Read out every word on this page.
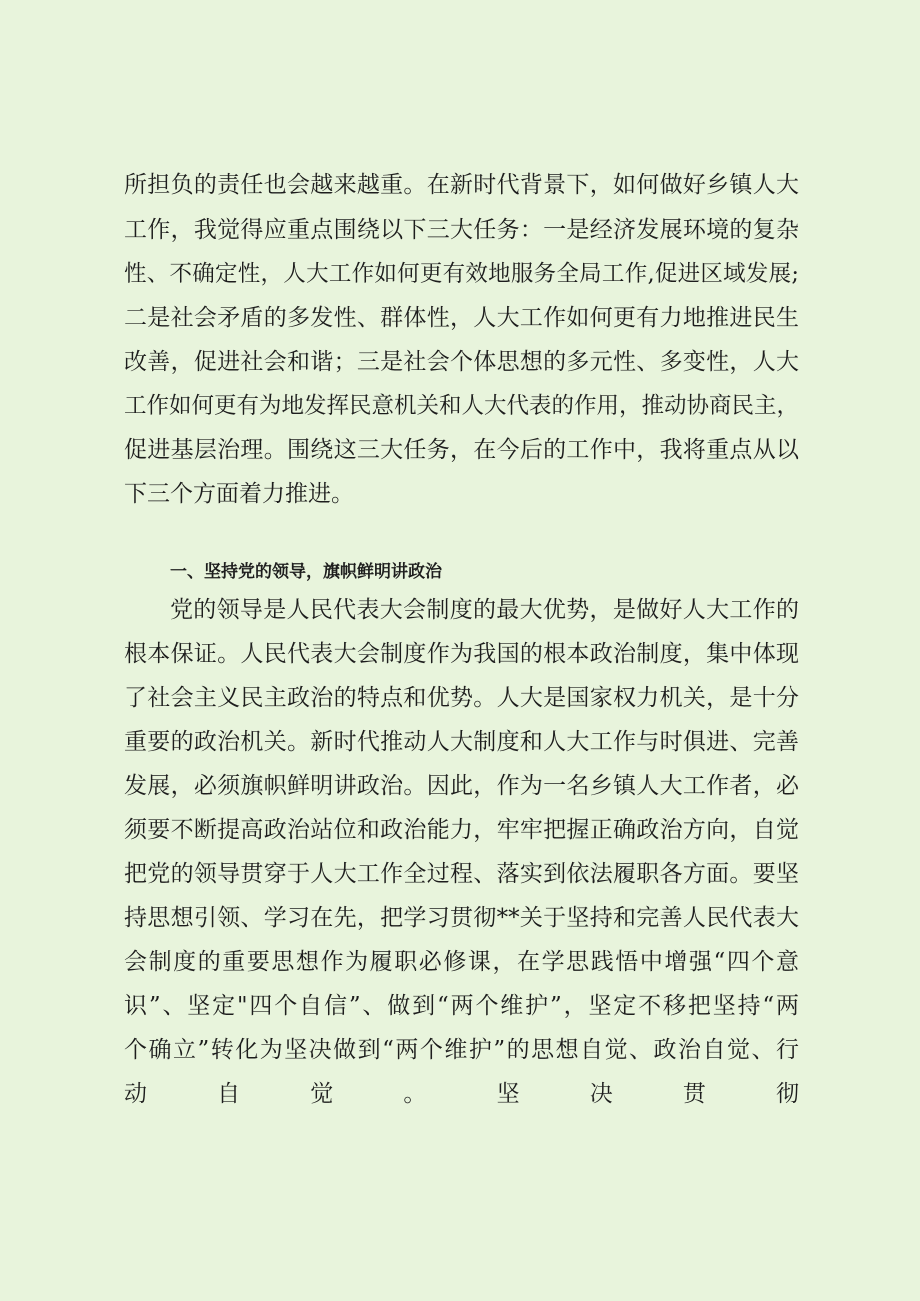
所担负的责任也会越来越重。在新时代背景下，如何做好乡镇人大
工作，我觉得应重点围绕以下三大任务：一是经济发展环境的复杂
性、不确定性，人大工作如何更有效地服务全局工作,促进区域发展;
二是社会矛盾的多发性、群体性，人大工作如何更有力地推进民生
改善，促进社会和谐；三是社会个体思想的多元性、多变性，人大
工作如何更有为地发挥民意机关和人大代表的作用，推动协商民主，
促进基层治理。围绕这三大任务，在今后的工作中，我将重点从以
下三个方面着力推进。
一、坚持党的领导，旗帜鲜明讲政治
党的领导是人民代表大会制度的最大优势，是做好人大工作的
根本保证。人民代表大会制度作为我国的根本政治制度，集中体现
了社会主义民主政治的特点和优势。人大是国家权力机关，是十分
重要的政治机关。新时代推动人大制度和人大工作与时俱进、完善
发展，必须旗帜鲜明讲政治。因此，作为一名乡镇人大工作者，必
须要不断提高政治站位和政治能力，牢牢把握正确政治方向，自觉
把党的领导贯穿于人大工作全过程、落实到依法履职各方面。要坚
持思想引领、学习在先，把学习贯彻**关于坚持和完善人民代表大
会制度的重要思想作为履职必修课，在学思践悟中增强“四个意
识”、坚定"四个自信”、做到“两个维护”，坚定不移把坚持“两
个确立”转化为坚决做到“两个维护”的思想自觉、政治自觉、行
动自觉。坚决贯彻
